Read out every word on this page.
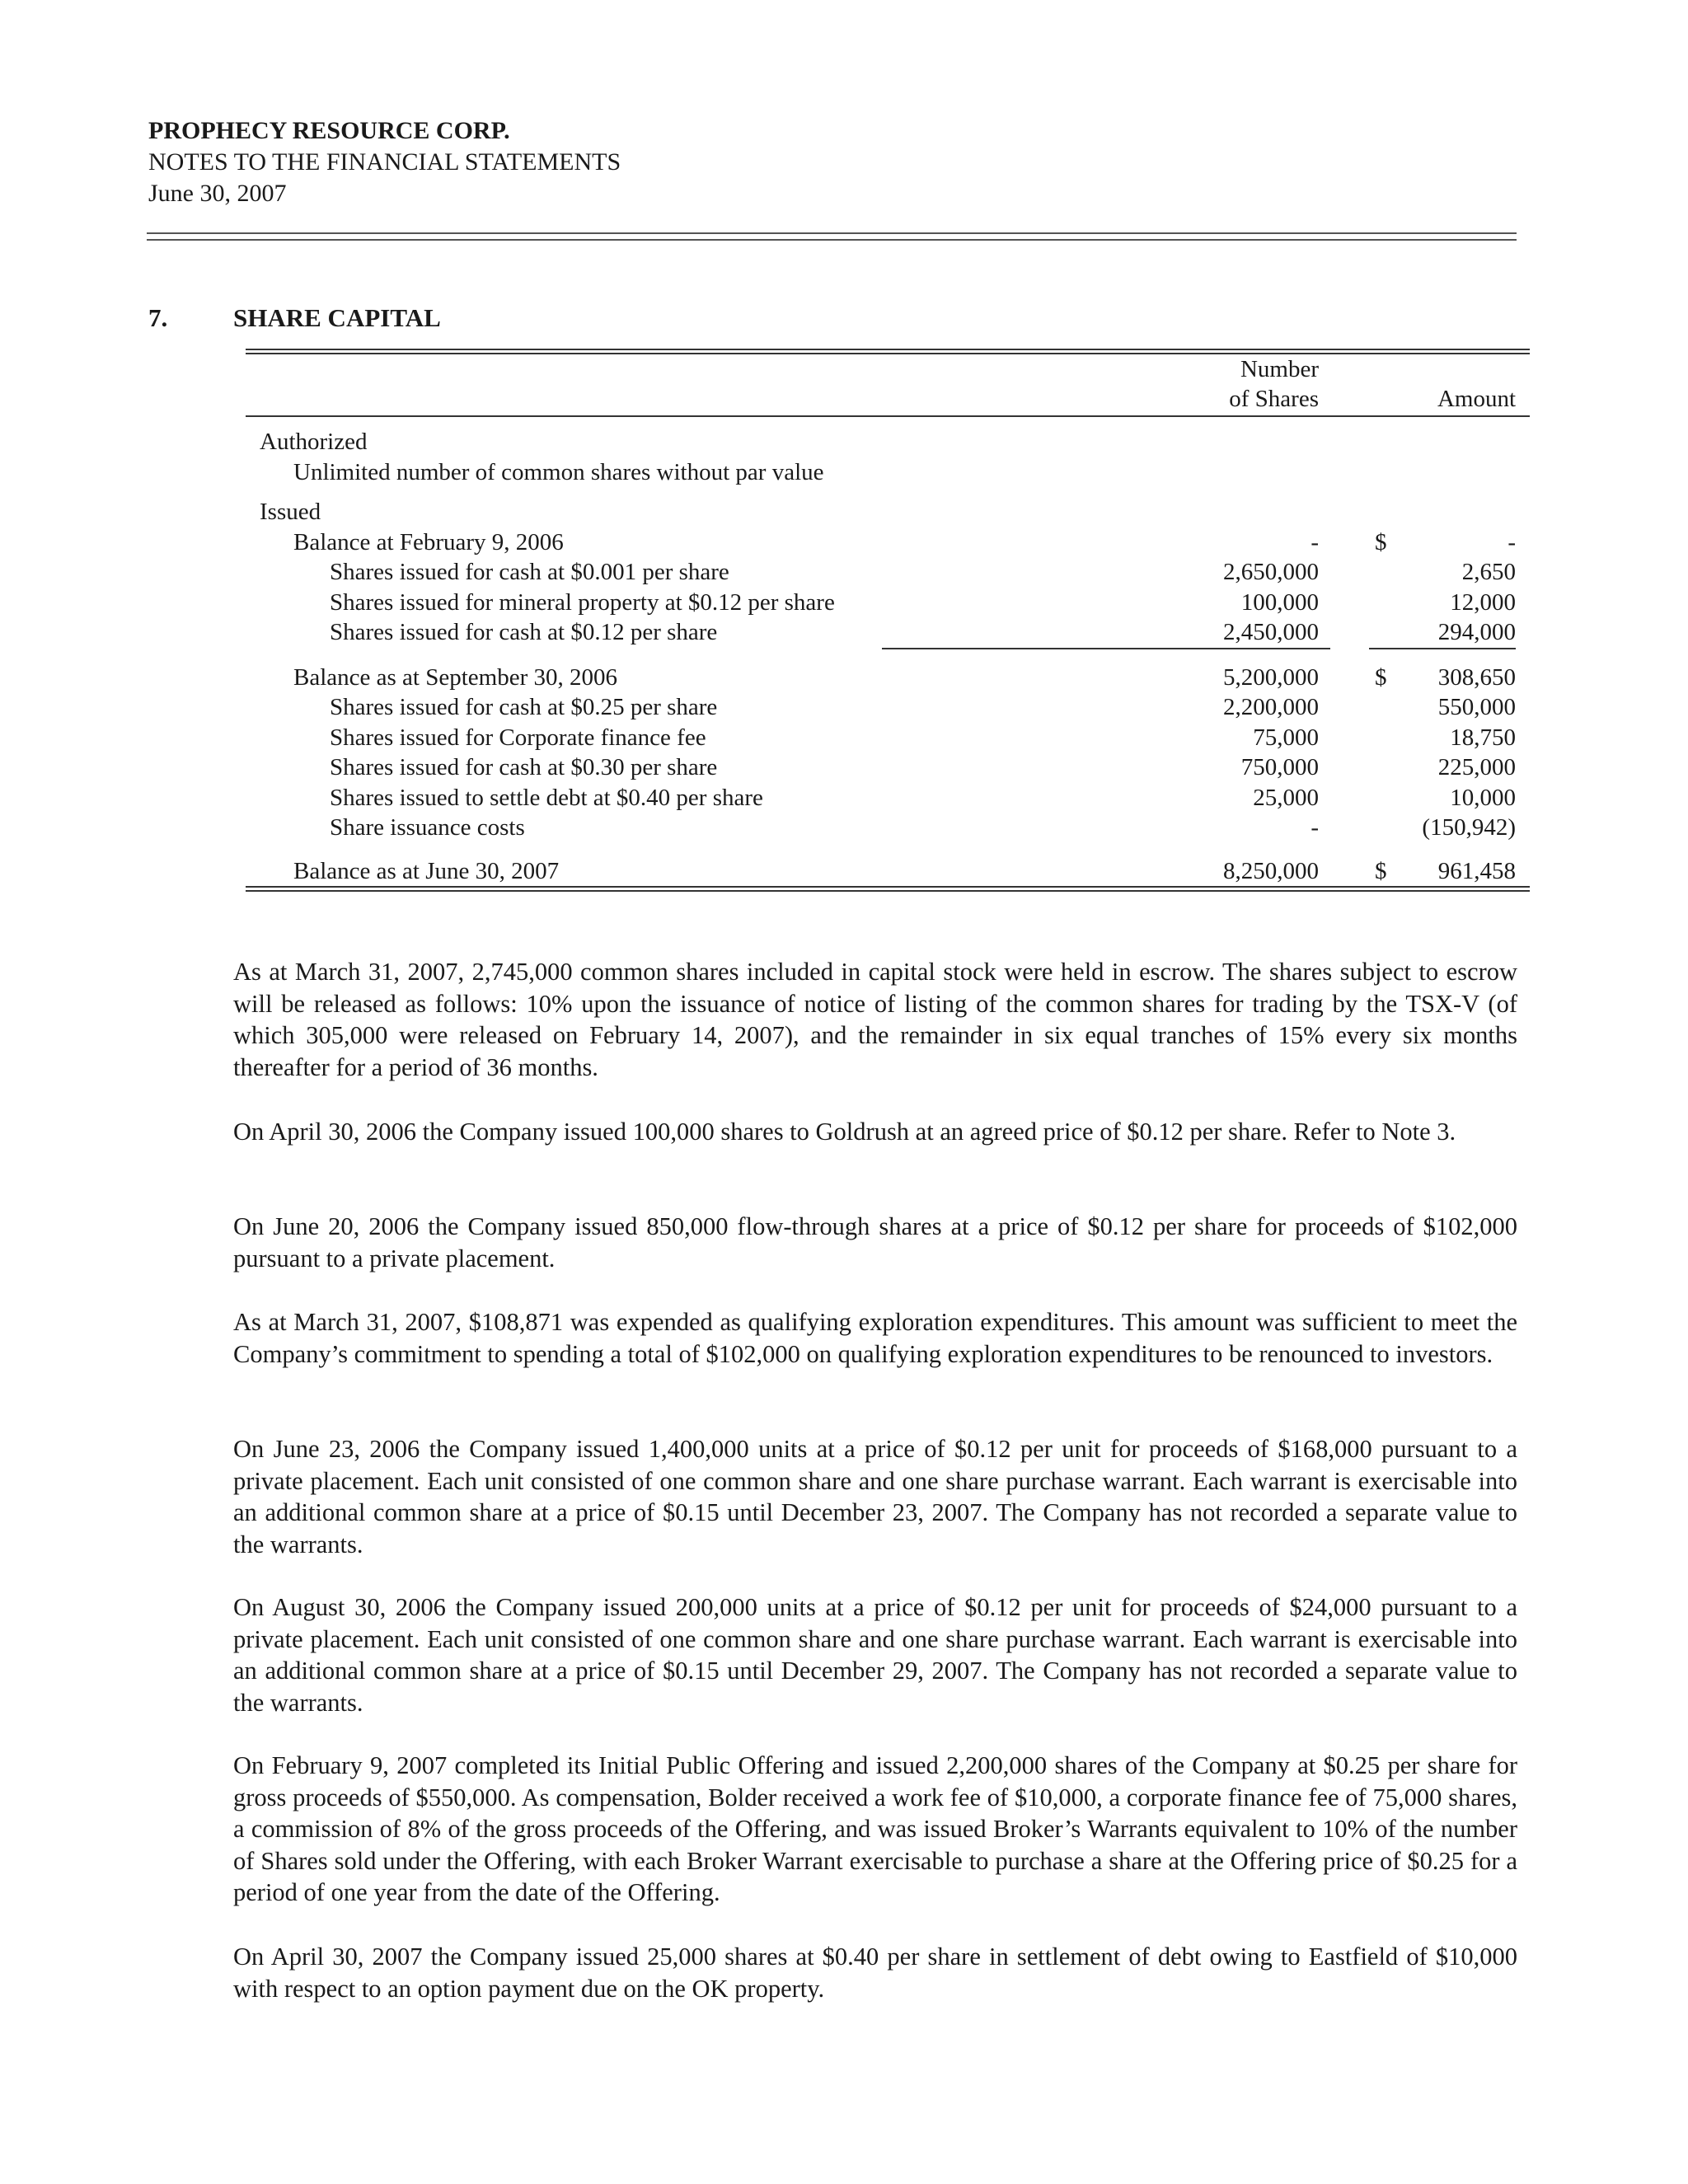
PROPHECY RESOURCE CORP.
NOTES TO THE FINANCIAL STATEMENTS
June 30, 2007
7.	SHARE CAPITAL
Number
of Shares	Amount
Authorized
Unlimited number of common shares without par value
Issued
Balance at February 9, 2006	- $	-
Shares issued for cash at $0.001 per share	2,650,000	2,650
Shares issued for mineral property at $0.12 per share	100,000	12,000
Shares issued for cash at $0.12 per share	2,450,000	294,000
Balance as at September 30, 2006	5,200,000 $ 308,650
Shares issued for cash at $0.25 per share	2,200,000	550,000
Shares issued for Corporate finance fee	75,000	18,750
Shares issued for cash at $0.30 per share	750,000	225,000
Shares issued to settle debt at $0.40 per share	25,000	10,000
Share issuance costs	-	(150,942)
Balance as at June 30, 2007	8,250,000 $ 961,458
As at March 31, 2007, 2,745,000 common shares included in capital stock were held in escrow. The shares subject to escrow will be released as follows: 10% upon the issuance of notice of listing of the common shares for trading by the TSX-V (of which 305,000 were released on February 14, 2007), and the remainder in six equal tranches of 15% every six months thereafter for a period of 36 months.
On April 30, 2006 the Company issued 100,000 shares to Goldrush at an agreed price of $0.12 per share. Refer to Note 3.
On June 20, 2006 the Company issued 850,000 flow-through shares at a price of $0.12 per share for proceeds of $102,000 pursuant to a private placement.
As at March 31, 2007, $108,871 was expended as qualifying exploration expenditures. This amount was sufficient to meet the Company’s commitment to spending a total of $102,000 on qualifying exploration expenditures to be renounced to investors.
On June 23, 2006 the Company issued 1,400,000 units at a price of $0.12 per unit for proceeds of $168,000 pursuant to a private placement. Each unit consisted of one common share and one share purchase warrant. Each warrant is exercisable into an additional common share at a price of $0.15 until December 23, 2007. The Company has not recorded a separate value to the warrants.
On August 30, 2006 the Company issued 200,000 units at a price of $0.12 per unit for proceeds of $24,000 pursuant to a private placement. Each unit consisted of one common share and one share purchase warrant. Each warrant is exercisable into an additional common share at a price of $0.15 until December 29, 2007. The Company has not recorded a separate value to the warrants.
On February 9, 2007 completed its Initial Public Offering and issued 2,200,000 shares of the Company at $0.25 per share for gross proceeds of $550,000. As compensation, Bolder received a work fee of $10,000, a corporate finance fee of 75,000 shares, a commission of 8% of the gross proceeds of the Offering, and was issued Broker’s Warrants equivalent to 10% of the number of Shares sold under the Offering, with each Broker Warrant exercisable to purchase a share at the Offering price of $0.25 for a period of one year from the date of the Offering.
On April 30, 2007 the Company issued 25,000 shares at $0.40 per share in settlement of debt owing to Eastfield of $10,000 with respect to an option payment due on the OK property.
